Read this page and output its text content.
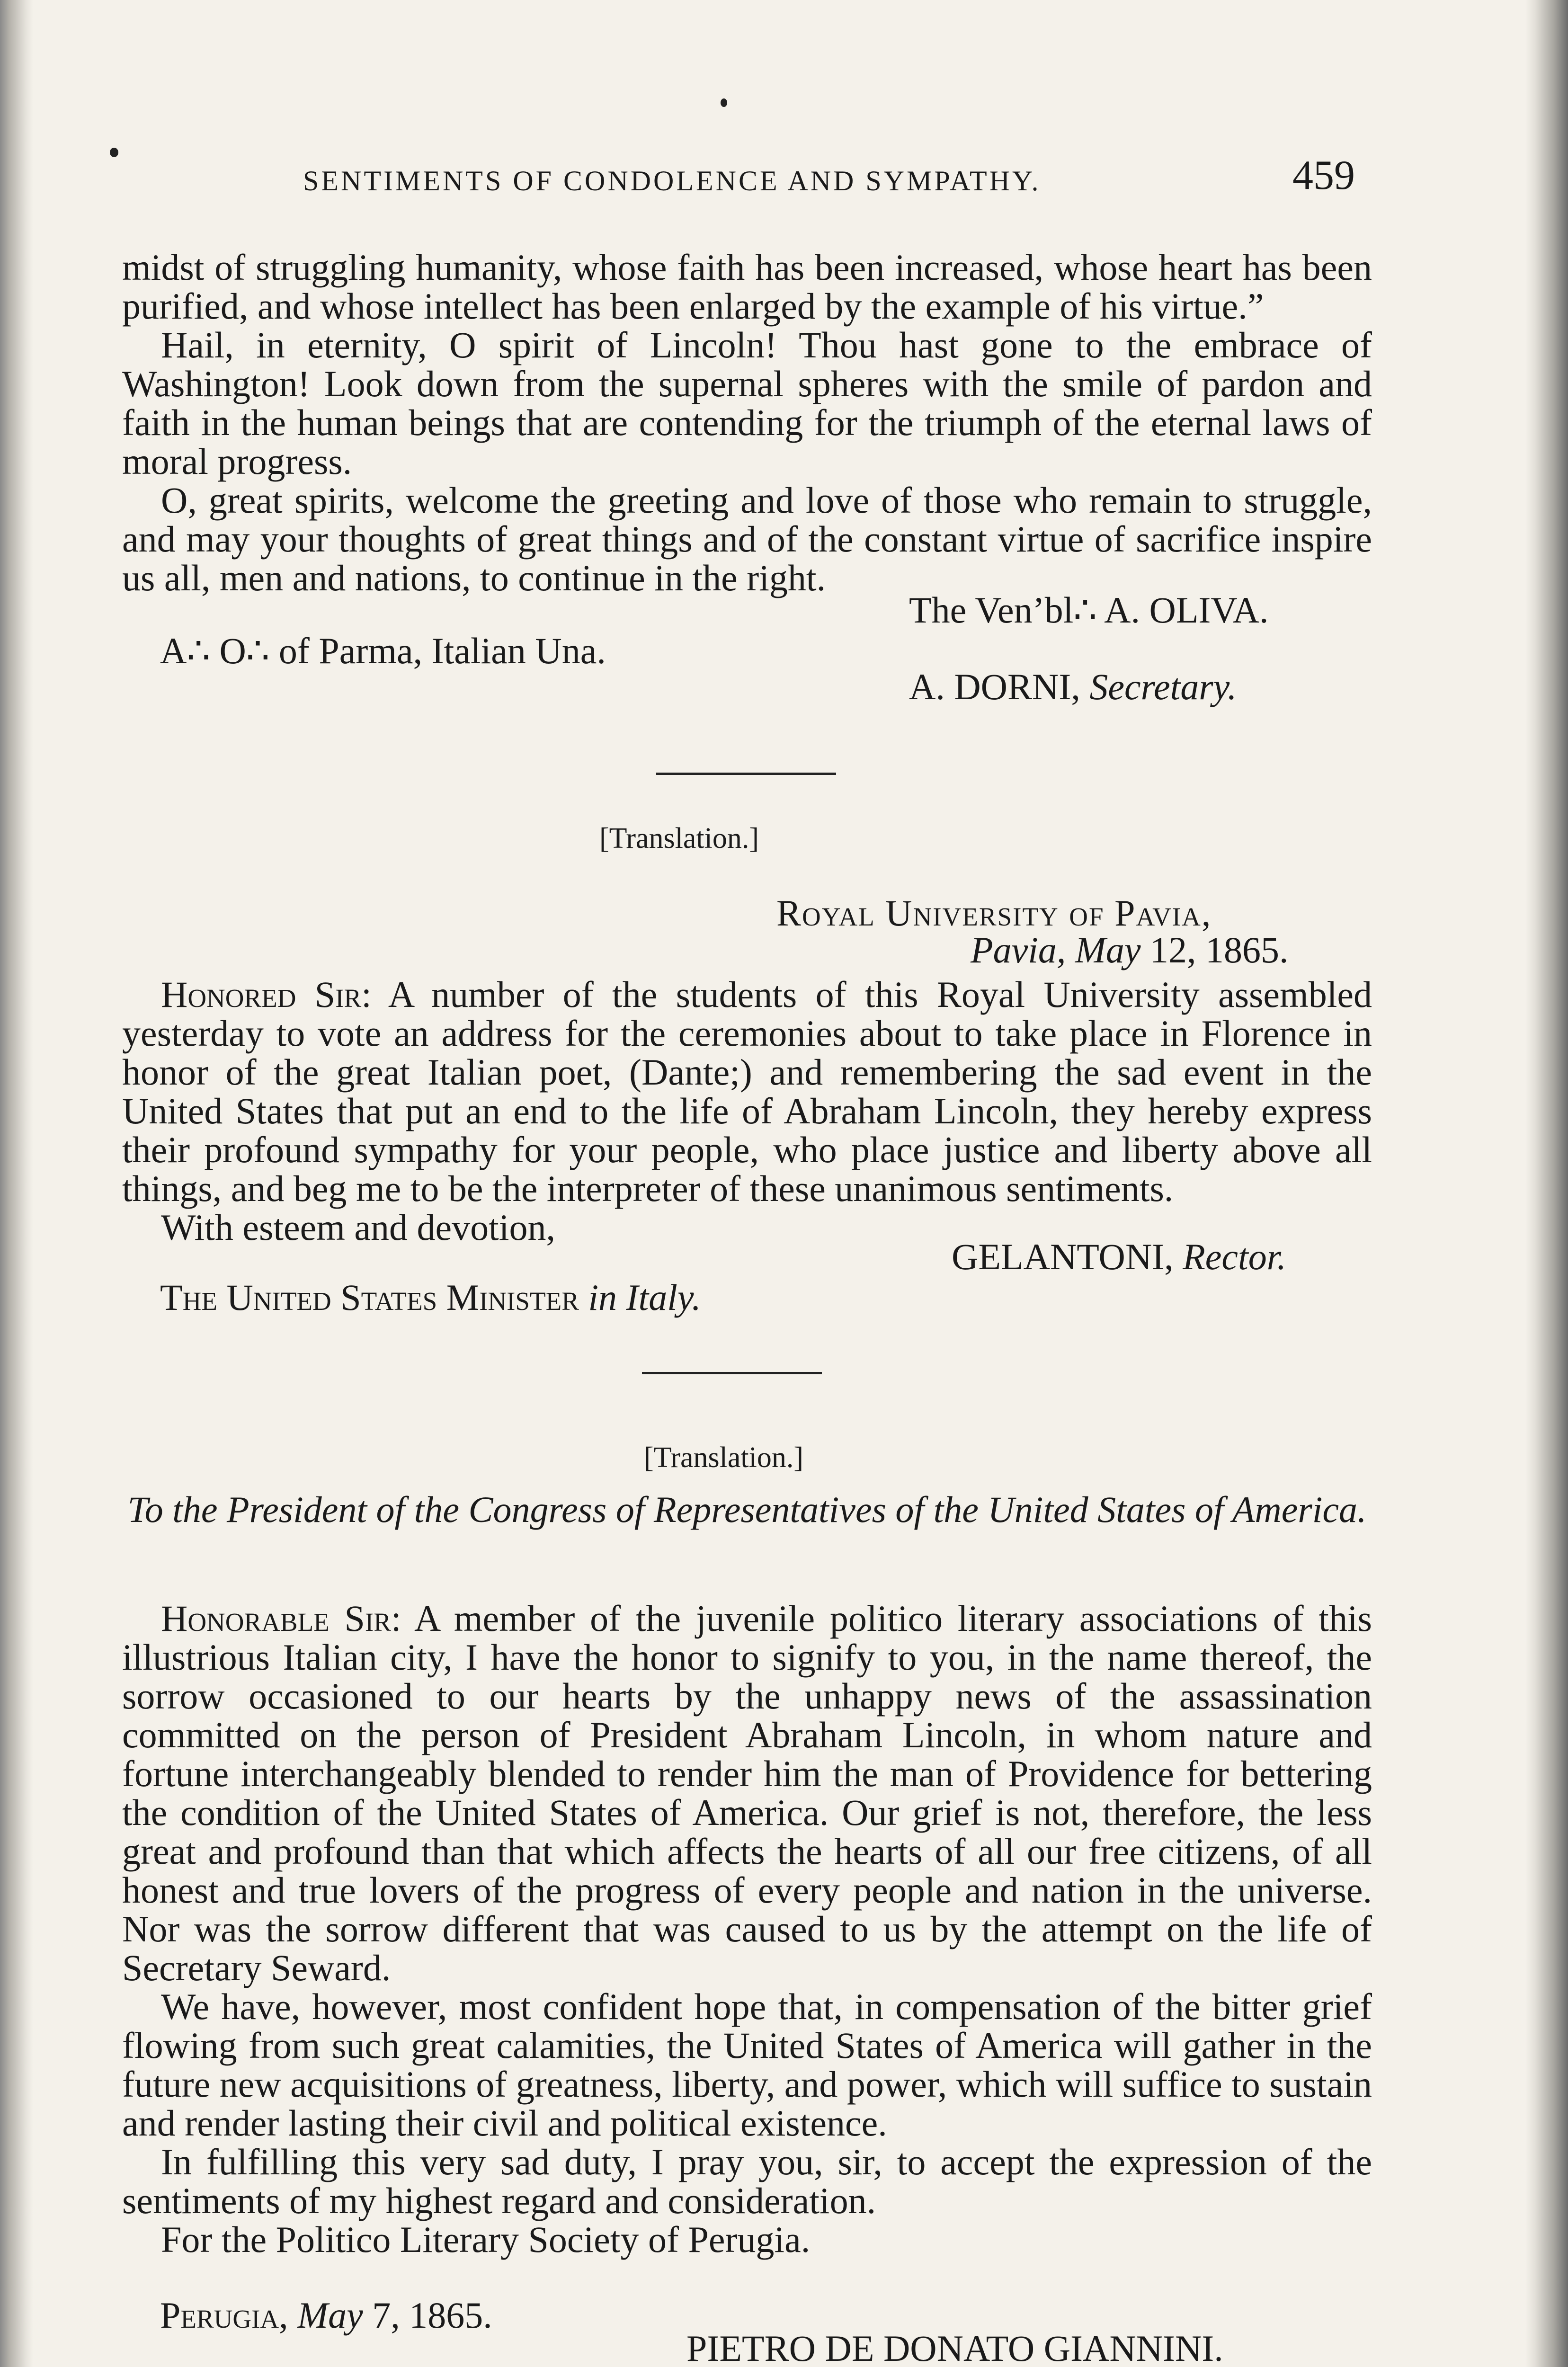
SENTIMENTS OF CONDOLENCE AND SYMPATHY.	459

midst of struggling humanity, whose faith has been increased, whose heart has been purified, and whose intellect has been enlarged by the example of his virtue.”

Hail, in eternity, O spirit of Lincoln! Thou hast gone to the embrace of Washington! Look down from the supernal spheres with the smile of pardon and faith in the human beings that are contending for the triumph of the eternal laws of moral progress.

O, great spirits, welcome the greeting and love of those who remain to struggle, and may your thoughts of great things and of the constant virtue of sacrifice inspire us all, men and nations, to continue in the right.

The Ven’bl∴ A. OLIVA.
A∴ O∴ of Parma, Italian Una.
A. DORNI, Secretary.
[Translation.]
Royal University of Pavia,
Pavia, May 12, 1865.

Honored Sir: A number of the students of this Royal University assembled yesterday to vote an address for the ceremonies about to take place in Florence in honor of the great Italian poet, (Dante;) and remembering the sad event in the United States that put an end to the life of Abraham Lincoln, they hereby express their profound sympathy for your people, who place justice and liberty above all things, and beg me to be the interpreter of these unanimous sentiments.

With esteem and devotion,

GELANTONI, Rector.
The United States Minister in Italy.
[Translation.]
To the President of the Congress of Representatives of the United States of America.

Honorable Sir: A member of the juvenile politico literary associations of this illustrious Italian city, I have the honor to signify to you, in the name thereof, the sorrow occasioned to our hearts by the unhappy news of the assassination committed on the person of President Abraham Lincoln, in whom nature and fortune interchangeably blended to render him the man of Providence for bettering the condition of the United States of America. Our grief is not, therefore, the less great and profound than that which affects the hearts of all our free citizens, of all honest and true lovers of the progress of every people and nation in the universe. Nor was the sorrow different that was caused to us by the attempt on the life of Secretary Seward.

We have, however, most confident hope that, in compensation of the bitter grief flowing from such great calamities, the United States of America will gather in the future new acquisitions of greatness, liberty, and power, which will suffice to sustain and render lasting their civil and political existence.

In fulfilling this very sad duty, I pray you, sir, to accept the expression of the sentiments of my highest regard and consideration.

For the Politico Literary Society of Perugia.

Perugia, May 7, 1865.
PIETRO DE DONATO GIANNINI.
